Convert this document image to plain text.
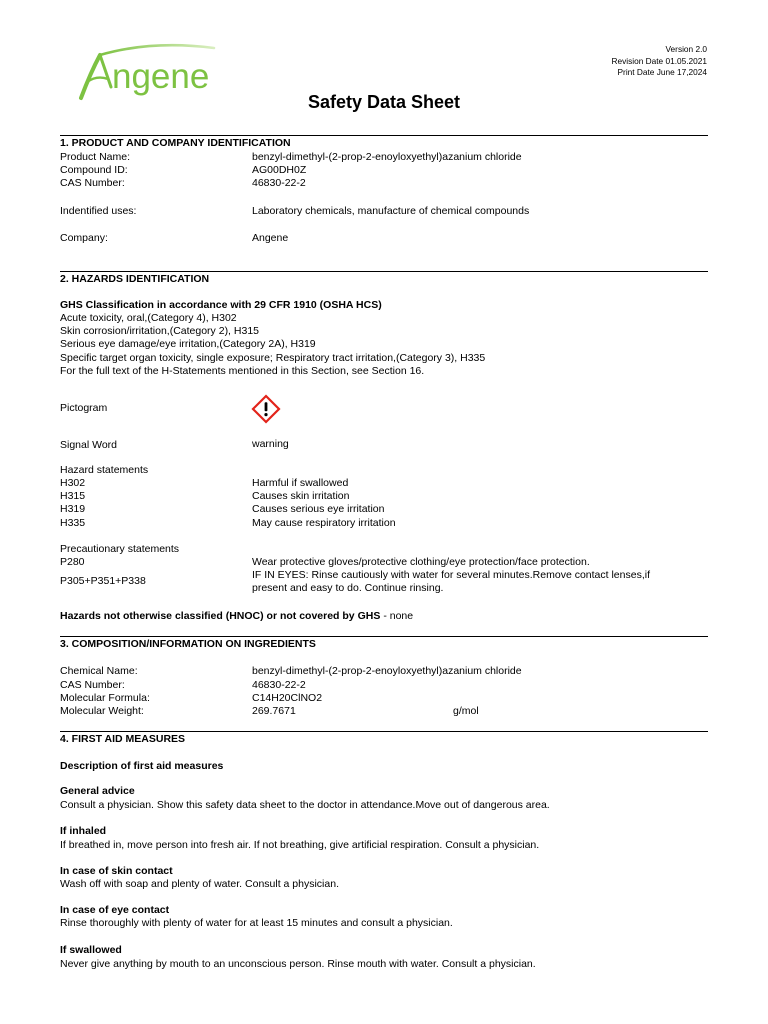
ngene
Version 2.0
Revision Date 01.05.2021
Print Date June 17,2024
Safety Data Sheet
1. PRODUCT AND COMPANY IDENTIFICATION
Product Name:	benzyl-dimethyl-(2-prop-2-enoyloxyethyl)azanium chloride
Compound ID:	AG00DH0Z
CAS Number:	46830-22-2
Indentified uses:	Laboratory chemicals, manufacture of chemical compounds
Company:	Angene
2. HAZARDS IDENTIFICATION
GHS Classification in accordance with 29 CFR 1910 (OSHA HCS)
Acute toxicity, oral,(Category 4), H302
Skin corrosion/irritation,(Category 2), H315
Serious eye damage/eye irritation,(Category 2A), H319
Specific target organ toxicity, single exposure; Respiratory tract irritation,(Category 3), H335
For the full text of the H-Statements mentioned in this Section, see Section 16.
Pictogram
Signal Word	warning
Hazard statements
H302	Harmful if swallowed
H315	Causes skin irritation
H319	Causes serious eye irritation
H335	May cause respiratory irritation
Precautionary statements
P280	Wear protective gloves/protective clothing/eye protection/face protection.
P305+P351+P338	IF IN EYES: Rinse cautiously with water for several minutes.Remove contact lenses,if
present and easy to do. Continue rinsing.
Hazards not otherwise classified (HNOC) or not covered by GHS - none
3. COMPOSITION/INFORMATION ON INGREDIENTS
Chemical Name:	benzyl-dimethyl-(2-prop-2-enoyloxyethyl)azanium chloride
CAS Number:	46830-22-2
Molecular Formula:	C14H20ClNO2
Molecular Weight:	269.7671	g/mol
4. FIRST AID MEASURES
Description of first aid measures
General advice
Consult a physician. Show this safety data sheet to the doctor in attendance.Move out of dangerous area.
If inhaled
If breathed in, move person into fresh air. If not breathing, give artificial respiration. Consult a physician.
In case of skin contact
Wash off with soap and plenty of water. Consult a physician.
In case of eye contact
Rinse thoroughly with plenty of water for at least 15 minutes and consult a physician.
If swallowed
Never give anything by mouth to an unconscious person. Rinse mouth with water. Consult a physician.
